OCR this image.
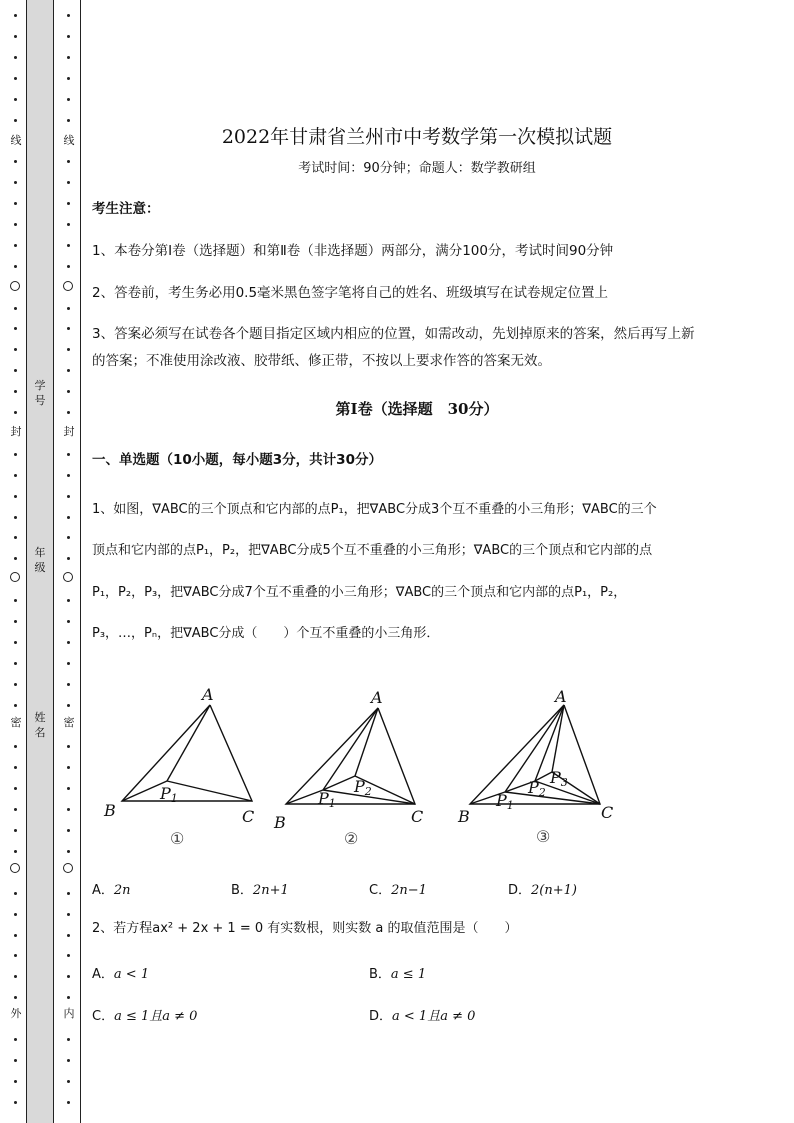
线
封
密
外
线
封
密
内
学
号
年
级
姓
名
2022年甘肃省兰州市中考数学第一次模拟试题
考试时间：90分钟；命题人：数学教研组
考生注意：
1、本卷分第I卷（选择题）和第Ⅱ卷（非选择题）两部分，满分100分，考试时间90分钟
2、答卷前，考生务必用0.5毫米黑色签字笔将自己的姓名、班级填写在试卷规定位置上
3、答案必须写在试卷各个题目指定区域内相应的位置，如需改动，先划掉原来的答案，然后再写上新
的答案；不准使用涂改液、胶带纸、修正带，不按以上要求作答的答案无效。
第I卷（选择题　30分）
一、单选题（10小题，每小题3分，共计30分）
1、如图，∇ABC的三个顶点和它内部的点P₁，把∇ABC分成3个互不重叠的小三角形；∇ABC的三个
顶点和它内部的点P₁，P₂，把∇ABC分成5个互不重叠的小三角形；∇ABC的三个顶点和它内部的点
P₁，P₂，P₃，把∇ABC分成7个互不重叠的小三角形；∇ABC的三个顶点和它内部的点P₁，P₂，
P₃，…，Pₙ，把∇ABC分成（　　）个互不重叠的小三角形．
A
B	C
P1
A
B	C
P1
P2
A
B	C
P1
P2
P3
①	②	③
A．2n	B．2n+1	C．2n−1	D．2(n+1)
2、若方程ax² + 2x + 1 = 0 有实数根，则实数 a 的取值范围是（　　）
A．a < 1	B．a ≤ 1
C．a ≤ 1且a ≠ 0	D．a < 1且a ≠ 0
